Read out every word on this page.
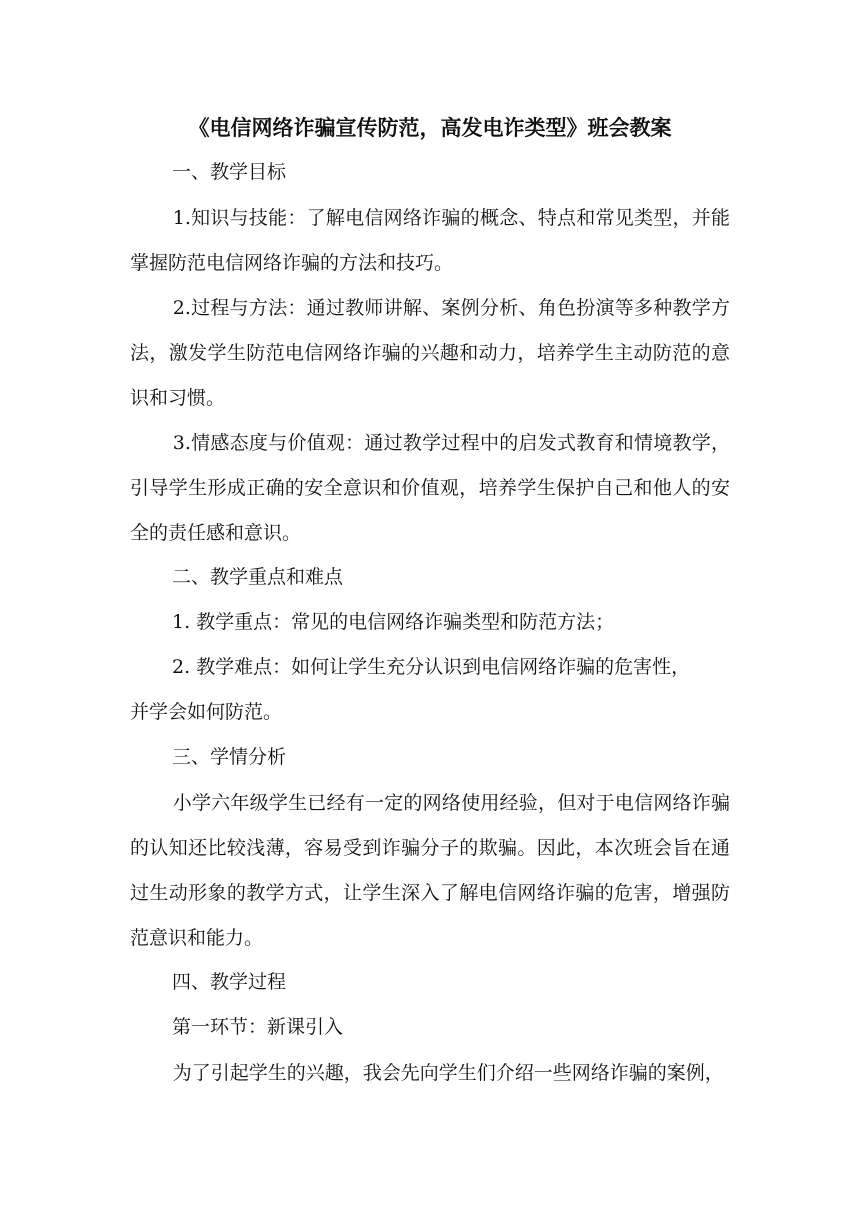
《电信网络诈骗宣传防范，高发电诈类型》班会教案
一、教学目标
1.知识与技能：了解电信网络诈骗的概念、特点和常见类型，并能掌握防范电信网络诈骗的方法和技巧。
2.过程与方法：通过教师讲解、案例分析、角色扮演等多种教学方法，激发学生防范电信网络诈骗的兴趣和动力，培养学生主动防范的意识和习惯。
3.情感态度与价值观：通过教学过程中的启发式教育和情境教学，引导学生形成正确的安全意识和价值观，培养学生保护自己和他人的安全的责任感和意识。
二、教学重点和难点
1. 教学重点：常见的电信网络诈骗类型和防范方法；
2. 教学难点：如何让学生充分认识到电信网络诈骗的危害性，
并学会如何防范。
三、学情分析
小学六年级学生已经有一定的网络使用经验，但对于电信网络诈骗的认知还比较浅薄，容易受到诈骗分子的欺骗。因此，本次班会旨在通过生动形象的教学方式，让学生深入了解电信网络诈骗的危害，增强防范意识和能力。
四、教学过程
第一环节：新课引入
为了引起学生的兴趣，我会先向学生们介绍一些网络诈骗的案例，
